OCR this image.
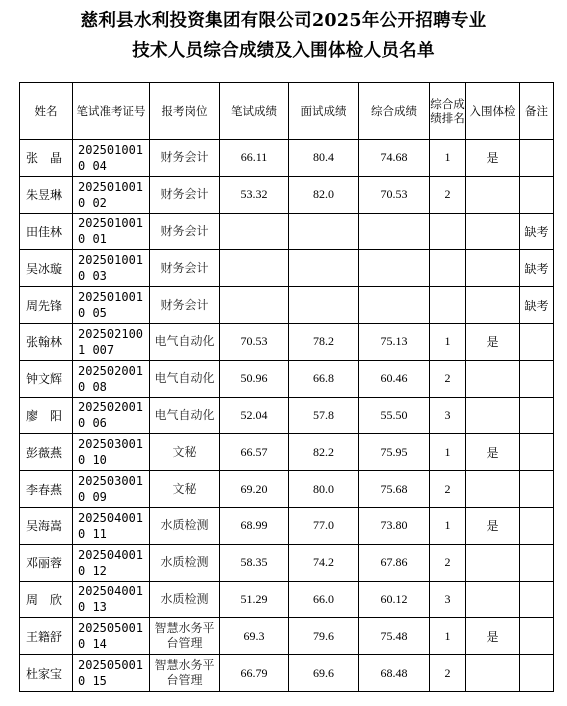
慈利县水利投资集团有限公司2025年公开招聘专业
技术人员综合成绩及入围体检人员名单
姓名	笔试准考证号	报考岗位	笔试成绩	面试成绩	综合成绩	综合成绩排名	入围体检	备注
张　晶	2025010010 04	财务会计	66.11	80.4	74.68	1	是	
朱昱琳	2025010010 02	财务会计	53.32	82.0	70.53	2		
田佳林	2025010010 01	财务会计						缺考
吴冰璇	2025010010 03	财务会计						缺考
周先锋	2025010010 05	财务会计						缺考
张翰林	2025021001 007	电气自动化	70.53	78.2	75.13	1	是	
钟文辉	2025020010 08	电气自动化	50.96	66.8	60.46	2		
廖　阳	2025020010 06	电气自动化	52.04	57.8	55.50	3		
彭薇燕	2025030010 10	文秘	66.57	82.2	75.95	1	是	
李春燕	2025030010 09	文秘	69.20	80.0	75.68	2		
吴海嵩	2025040010 11	水质检测	68.99	77.0	73.80	1	是	
邓丽蓉	2025040010 12	水质检测	58.35	74.2	67.86	2		
周　欣	2025040010 13	水质检测	51.29	66.0	60.12	3		
王籍舒	2025050010 14	智慧水务平台管理	69.3	79.6	75.48	1	是	
杜家宝	2025050010 15	智慧水务平台管理	66.79	69.6	68.48	2		
